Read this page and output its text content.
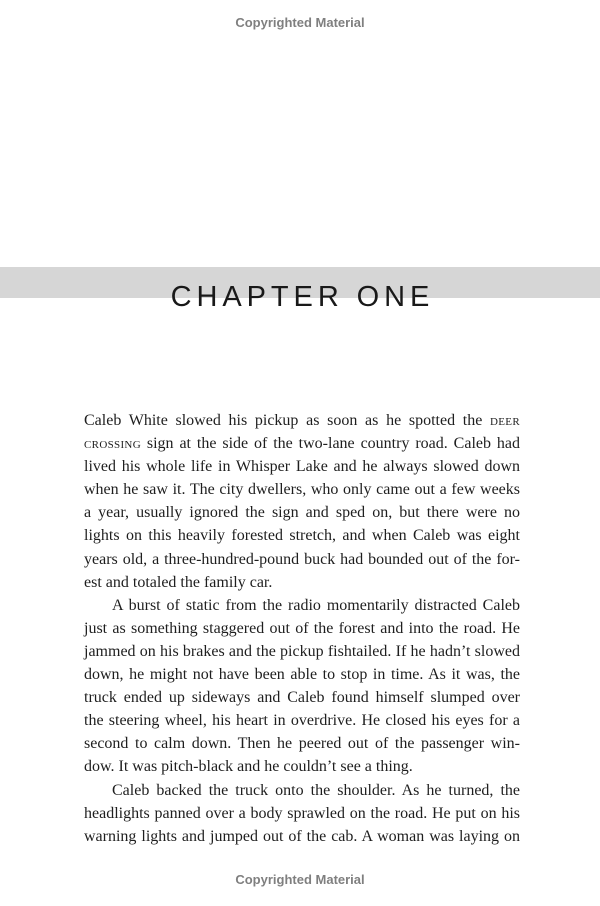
Copyrighted Material
CHAPTER ONE
Caleb White slowed his pickup as soon as he spotted the deer
crossing sign at the side of the two-lane country road. Caleb had
lived his whole life in Whisper Lake and he always slowed down
when he saw it. The city dwellers, who only came out a few weeks
a year, usually ignored the sign and sped on, but there were no
lights on this heavily forested stretch, and when Caleb was eight
years old, a three-hundred-pound buck had bounded out of the for-
est and totaled the family car.
A burst of static from the radio momentarily distracted Caleb
just as something staggered out of the forest and into the road. He
jammed on his brakes and the pickup fishtailed. If he hadn’t slowed
down, he might not have been able to stop in time. As it was, the
truck ended up sideways and Caleb found himself slumped over
the steering wheel, his heart in overdrive. He closed his eyes for a
second to calm down. Then he peered out of the passenger win-
dow. It was pitch-black and he couldn’t see a thing.
Caleb backed the truck onto the shoulder. As he turned, the
headlights panned over a body sprawled on the road. He put on his
warning lights and jumped out of the cab. A woman was laying on
Copyrighted Material
